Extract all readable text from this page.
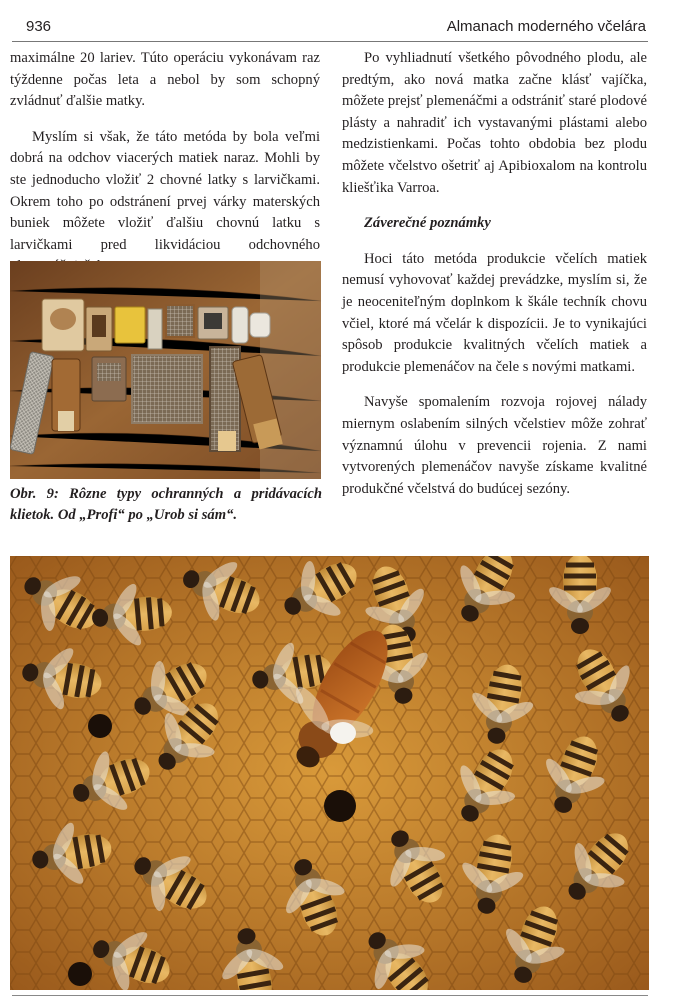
936	Almanach moderného včelára

maximálne 20 lariev. Túto operáciu vykonávam raz týždenne počas leta a nebol by som schopný zvládnuť ďalšie matky.

Myslím si však, že táto metóda by bola veľmi dobrá na odchov viacerých matiek naraz. Mohli by ste jednoducho vložiť 2 chovné latky s larvičkami. Okrem toho po odstránení prvej várky materských buniek môžete vložiť ďalšiu chovnú latku s larvičkami pred likvidáciou odchovného

Obr. 9: Rôzne typy ochranných a pridávacích klietok. Od „Profi“ po „Urob si sám“.

Po vyhliadnutí všetkého pôvodného plodu, ale predtým, ako nová matka začne klásť vajíčka, môžete prejsť plemenáčmi a odstrániť staré plodové plásty a nahradiť ich vystavanými plástami alebo medzistienkami. Počas tohto obdobia bez plodu môžete včelstvo ošetriť aj Apibioxalom na kontrolu kliešťika Varroa.

Záverečné poznámky

Hoci táto metóda produkcie včelích matiek nemusí vyhovovať každej prevádzke, myslím si, že je neoceniteľným doplnkom k škále techník chovu včiel, ktoré má včelár k dispozícii. Je to vynikajúci spôsob produkcie kvalitných včelích matiek a produkcie plemenáčov na čele s novými matkami.

Navyše spomalením rozvoja rojovej nálady miernym oslabením silných včelstiev môže zohrať významnú úlohu v prevencii rojenia. Z nami vytvorených plemenáčov navyše získame kvalitné produkčné včelstvá do budúcej sezóny.
